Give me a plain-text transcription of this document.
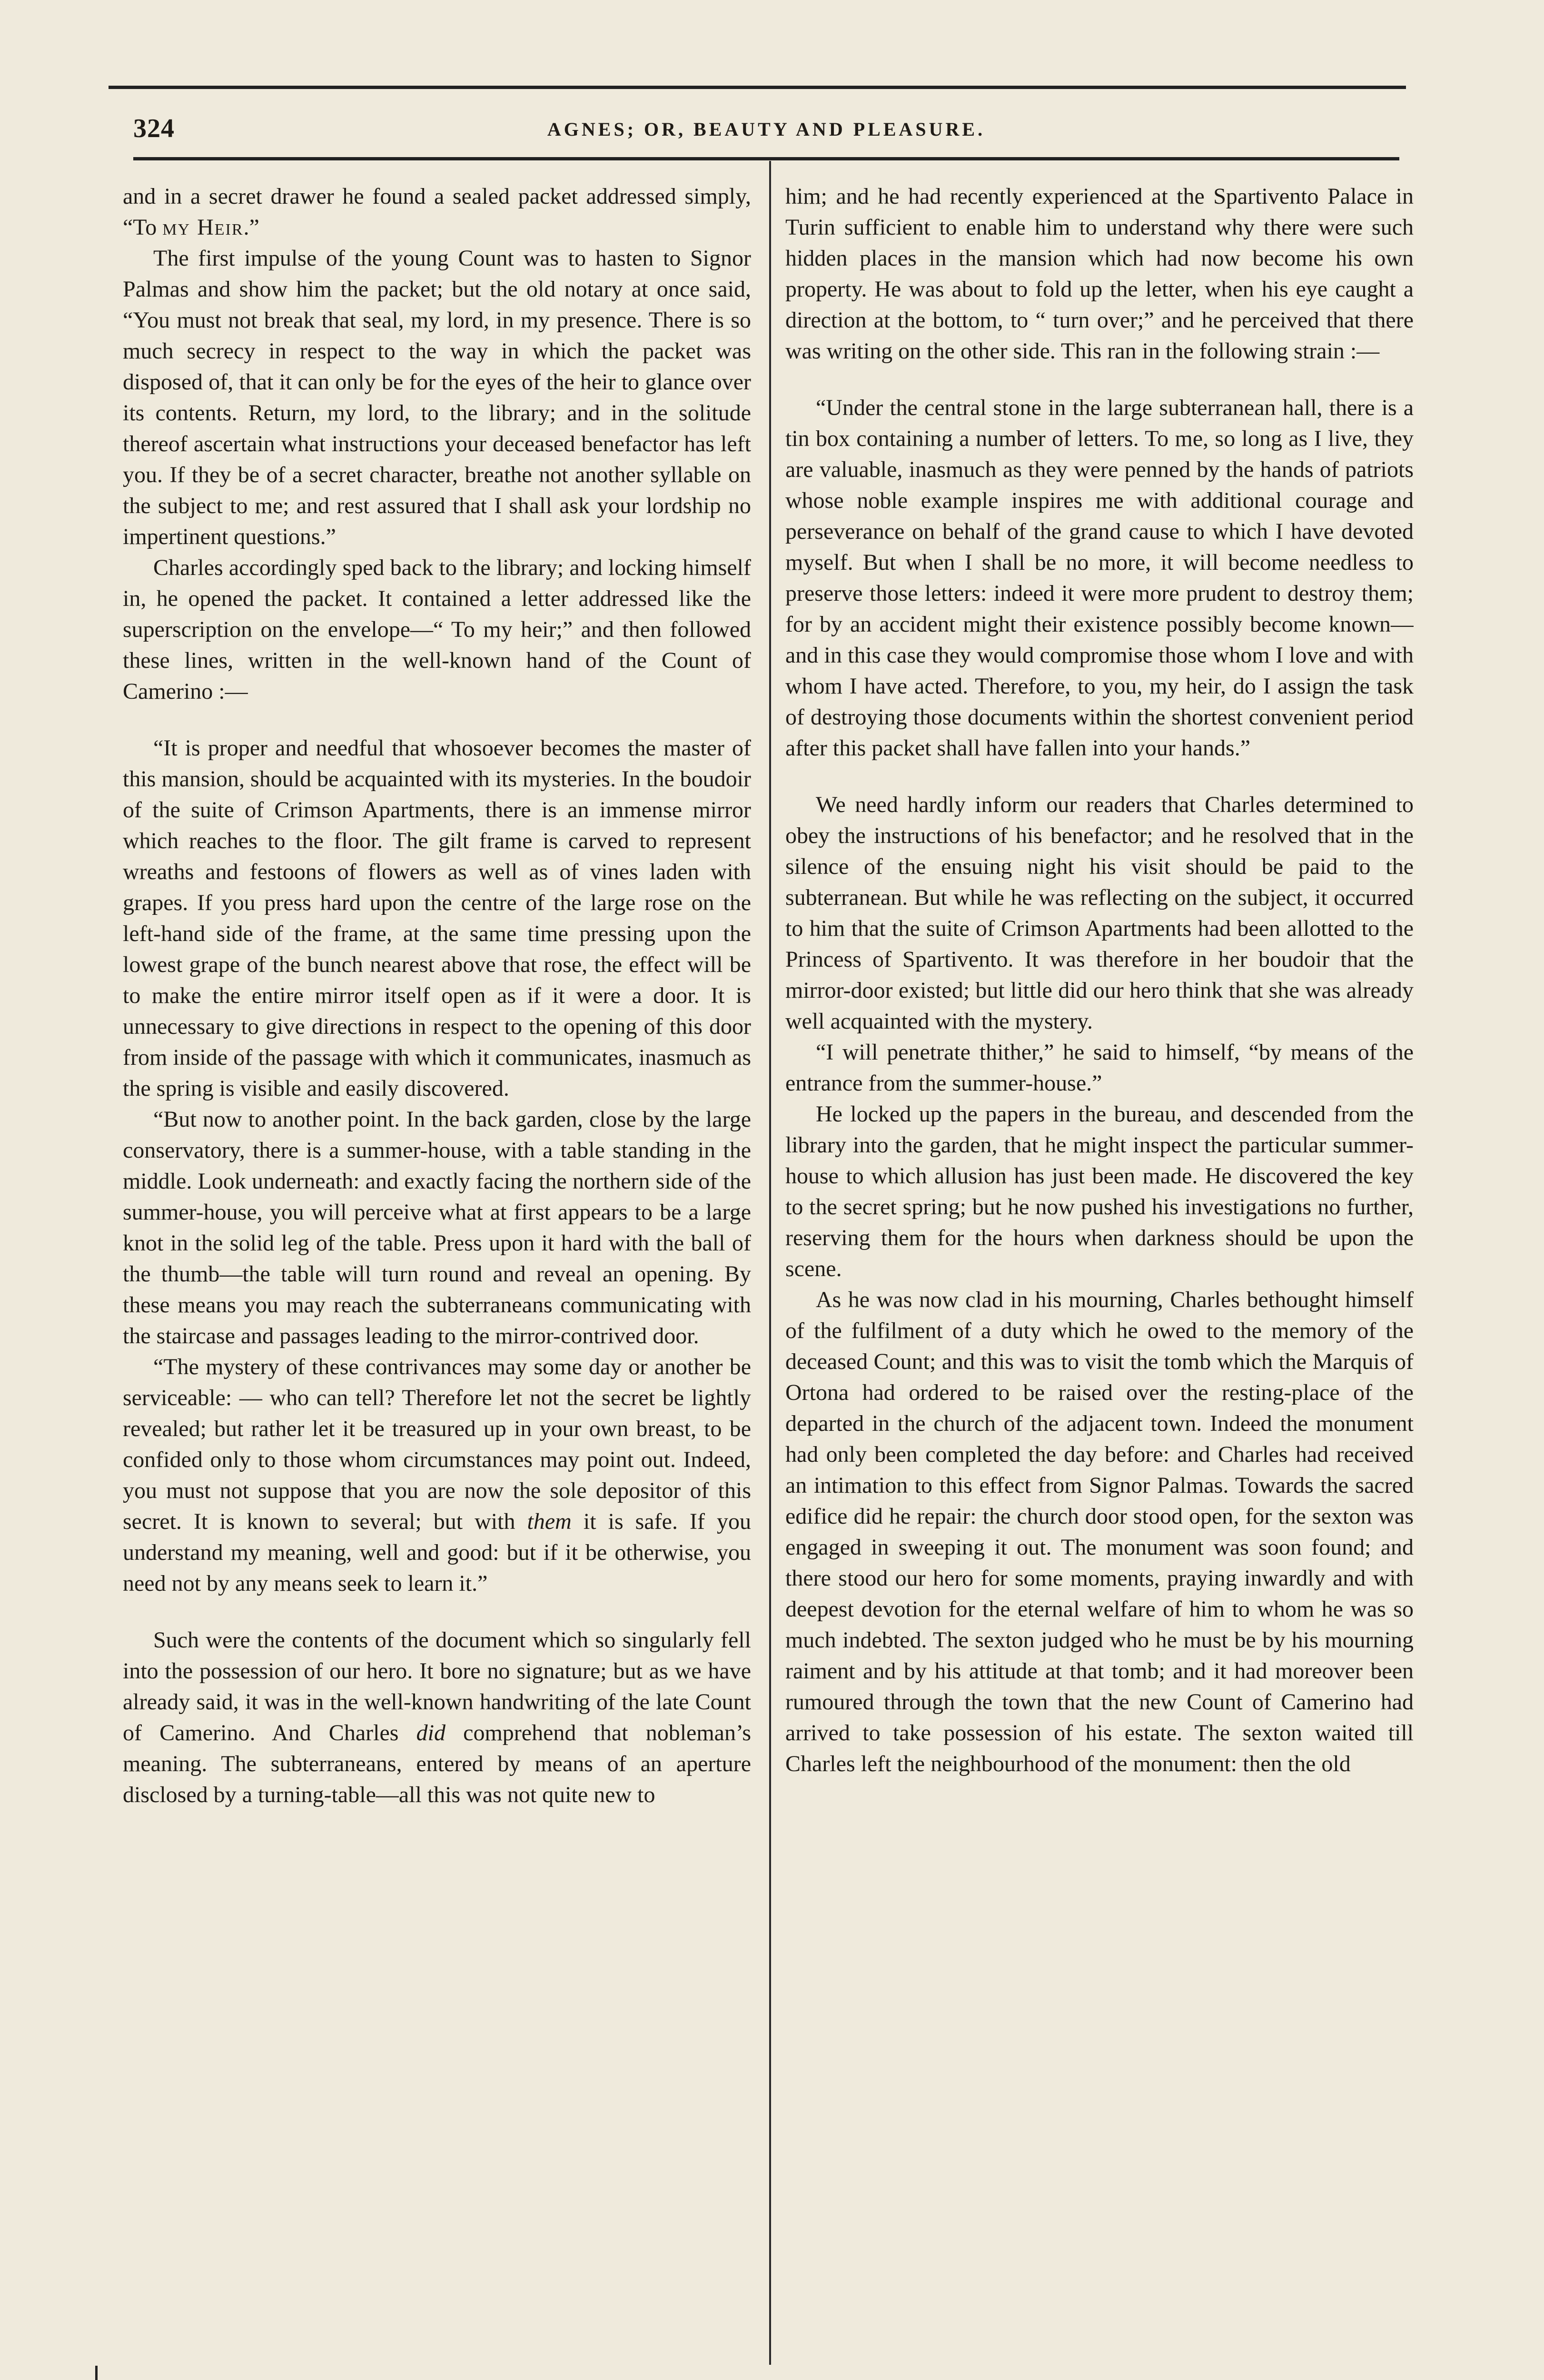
324	AGNES; OR, BEAUTY AND PLEASURE.

and in a secret drawer he found a sealed packet addressed simply, “To my Heir.”

The first impulse of the young Count was to hasten to Signor Palmas and show him the packet; but the old notary at once said, “You must not break that seal, my lord, in my presence. There is so much secrecy in respect to the way in which the packet was disposed of, that it can only be for the eyes of the heir to glance over its contents. Return, my lord, to the library; and in the solitude thereof ascertain what instructions your deceased benefactor has left you. If they be of a secret character, breathe not another syllable on the subject to me; and rest assured that I shall ask your lordship no impertinent questions.”

Charles accordingly sped back to the library; and locking himself in, he opened the packet. It contained a letter addressed like the superscription on the envelope—“ To my heir;” and then followed these lines, written in the well-known hand of the Count of Camerino :—

“It is proper and needful that whosoever becomes the master of this mansion, should be acquainted with its mysteries. In the boudoir of the suite of Crimson Apartments, there is an immense mirror which reaches to the floor. The gilt frame is carved to represent wreaths and festoons of flowers as well as of vines laden with grapes. If you press hard upon the centre of the large rose on the left-hand side of the frame, at the same time pressing upon the lowest grape of the bunch nearest above that rose, the effect will be to make the entire mirror itself open as if it were a door. It is unnecessary to give directions in respect to the opening of this door from inside of the passage with which it communicates, inasmuch as the spring is visible and easily discovered.

“But now to another point. In the back garden, close by the large conservatory, there is a summer-house, with a table standing in the middle. Look underneath: and exactly facing the northern side of the summer-house, you will perceive what at first appears to be a large knot in the solid leg of the table. Press upon it hard with the ball of the thumb—the table will turn round and reveal an opening. By these means you may reach the subterraneans communicating with the staircase and passages leading to the mirror-contrived door.

“The mystery of these contrivances may some day or another be serviceable: — who can tell? Therefore let not the secret be lightly revealed; but rather let it be treasured up in your own breast, to be confided only to those whom circumstances may point out. Indeed, you must not suppose that you are now the sole depositor of this secret. It is known to several; but with them it is safe. If you understand my meaning, well and good: but if it be otherwise, you need not by any means seek to learn it.”

Such were the contents of the document which so singularly fell into the possession of our hero. It bore no signature; but as we have already said, it was in the well-known handwriting of the late Count of Camerino. And Charles did comprehend that nobleman’s meaning. The subterraneans, entered by means of an aperture disclosed by a turning-table—all this was not quite new to

him; and he had recently experienced at the Spartivento Palace in Turin sufficient to enable him to understand why there were such hidden places in the mansion which had now become his own property. He was about to fold up the letter, when his eye caught a direction at the bottom, to “ turn over;” and he perceived that there was writing on the other side. This ran in the following strain :—

“Under the central stone in the large subterranean hall, there is a tin box containing a number of letters. To me, so long as I live, they are valuable, inasmuch as they were penned by the hands of patriots whose noble example inspires me with additional courage and perseverance on behalf of the grand cause to which I have devoted myself. But when I shall be no more, it will become needless to preserve those letters: indeed it were more prudent to destroy them; for by an accident might their existence possibly become known—and in this case they would compromise those whom I love and with whom I have acted. Therefore, to you, my heir, do I assign the task of destroying those documents within the shortest convenient period after this packet shall have fallen into your hands.”

We need hardly inform our readers that Charles determined to obey the instructions of his benefactor; and he resolved that in the silence of the ensuing night his visit should be paid to the subterranean. But while he was reflecting on the subject, it occurred to him that the suite of Crimson Apartments had been allotted to the Princess of Spartivento. It was therefore in her boudoir that the mirror-door existed; but little did our hero think that she was already well acquainted with the mystery.

“I will penetrate thither,” he said to himself, “by means of the entrance from the summer-house.”

He locked up the papers in the bureau, and descended from the library into the garden, that he might inspect the particular summer-house to which allusion has just been made. He discovered the key to the secret spring; but he now pushed his investigations no further, reserving them for the hours when darkness should be upon the scene.

As he was now clad in his mourning, Charles bethought himself of the fulfilment of a duty which he owed to the memory of the deceased Count; and this was to visit the tomb which the Marquis of Ortona had ordered to be raised over the resting-place of the departed in the church of the adjacent town. Indeed the monument had only been completed the day before: and Charles had received an intimation to this effect from Signor Palmas. Towards the sacred edifice did he repair: the church door stood open, for the sexton was engaged in sweeping it out. The monument was soon found; and there stood our hero for some moments, praying inwardly and with deepest devotion for the eternal welfare of him to whom he was so much indebted. The sexton judged who he must be by his mourning raiment and by his attitude at that tomb; and it had moreover been rumoured through the town that the new Count of Camerino had arrived to take possession of his estate. The sexton waited till Charles left the neighbourhood of the monument: then the old
